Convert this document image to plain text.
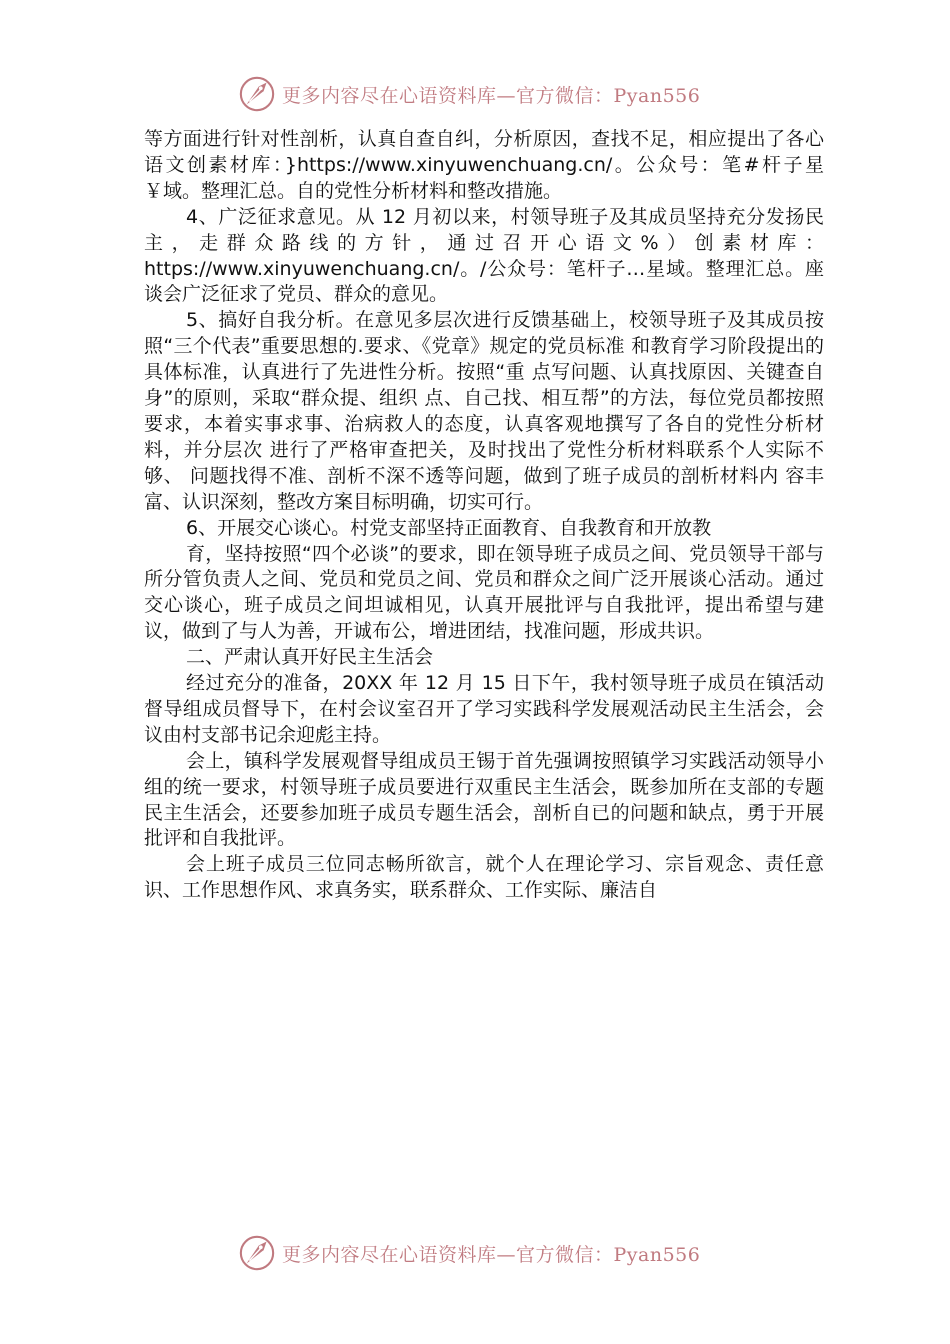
更多内容尽在心语资料库—官方微信：Pyan556

等方面进行针对性剖析，认真自查自纠，分析原因，查找不足，相应提出了各心语文创素材库：}https://www.xinyuwenchuang.cn/。公众号：笔#杆子星￥域。整理汇总。自的党性分析材料和整改措施。

4、广泛征求意见。从 12 月初以来，村领导班子及其成员坚持充分发扬民主，走群众路线的方针，通过召开心语文%）创素材库：https://www.xinyuwenchuang.cn/。/公众号：笔杆子…星域。整理汇总。座谈会广泛征求了党员、群众的意见。

5、搞好自我分析。在意见多层次进行反馈基础上，校领导班子及其成员按照“三个代表”重要思想的.要求、《党章》规定的党员标准 和教育学习阶段提出的具体标准，认真进行了先进性分析。按照“重 点写问题、认真找原因、关键查自身”的原则，采取“群众提、组织 点、自己找、相互帮”的方法，每位党员都按照要求，本着实事求事、治病救人的态度，认真客观地撰写了各自的党性分析材料，并分层次 进行了严格审查把关，及时找出了党性分析材料联系个人实际不够、 问题找得不准、剖析不深不透等问题，做到了班子成员的剖析材料内 容丰富、认识深刻，整改方案目标明确，切实可行。

6、开展交心谈心。村党支部坚持正面教育、自我教育和开放教

育，坚持按照“四个必谈”的要求，即在领导班子成员之间、党员领导干部与所分管负责人之间、党员和党员之间、党员和群众之间广泛开展谈心活动。通过交心谈心，班子成员之间坦诚相见，认真开展批评与自我批评，提出希望与建议，做到了与人为善，开诚布公，增进团结，找准问题，形成共识。

二、严肃认真开好民主生活会

经过充分的准备，20XX 年 12 月 15 日下午，我村领导班子成员在镇活动督导组成员督导下，在村会议室召开了学习实践科学发展观活动民主生活会，会议由村支部书记余迎彪主持。

会上，镇科学发展观督导组成员王锡于首先强调按照镇学习实践活动领导小组的统一要求，村领导班子成员要进行双重民主生活会，既参加所在支部的专题民主生活会，还要参加班子成员专题生活会，剖析自已的问题和缺点，勇于开展批评和自我批评。

会上班子成员三位同志畅所欲言，就个人在理论学习、宗旨观念、责任意识、工作思想作风、求真务实，联系群众、工作实际、廉洁自

更多内容尽在心语资料库—官方微信：Pyan556
